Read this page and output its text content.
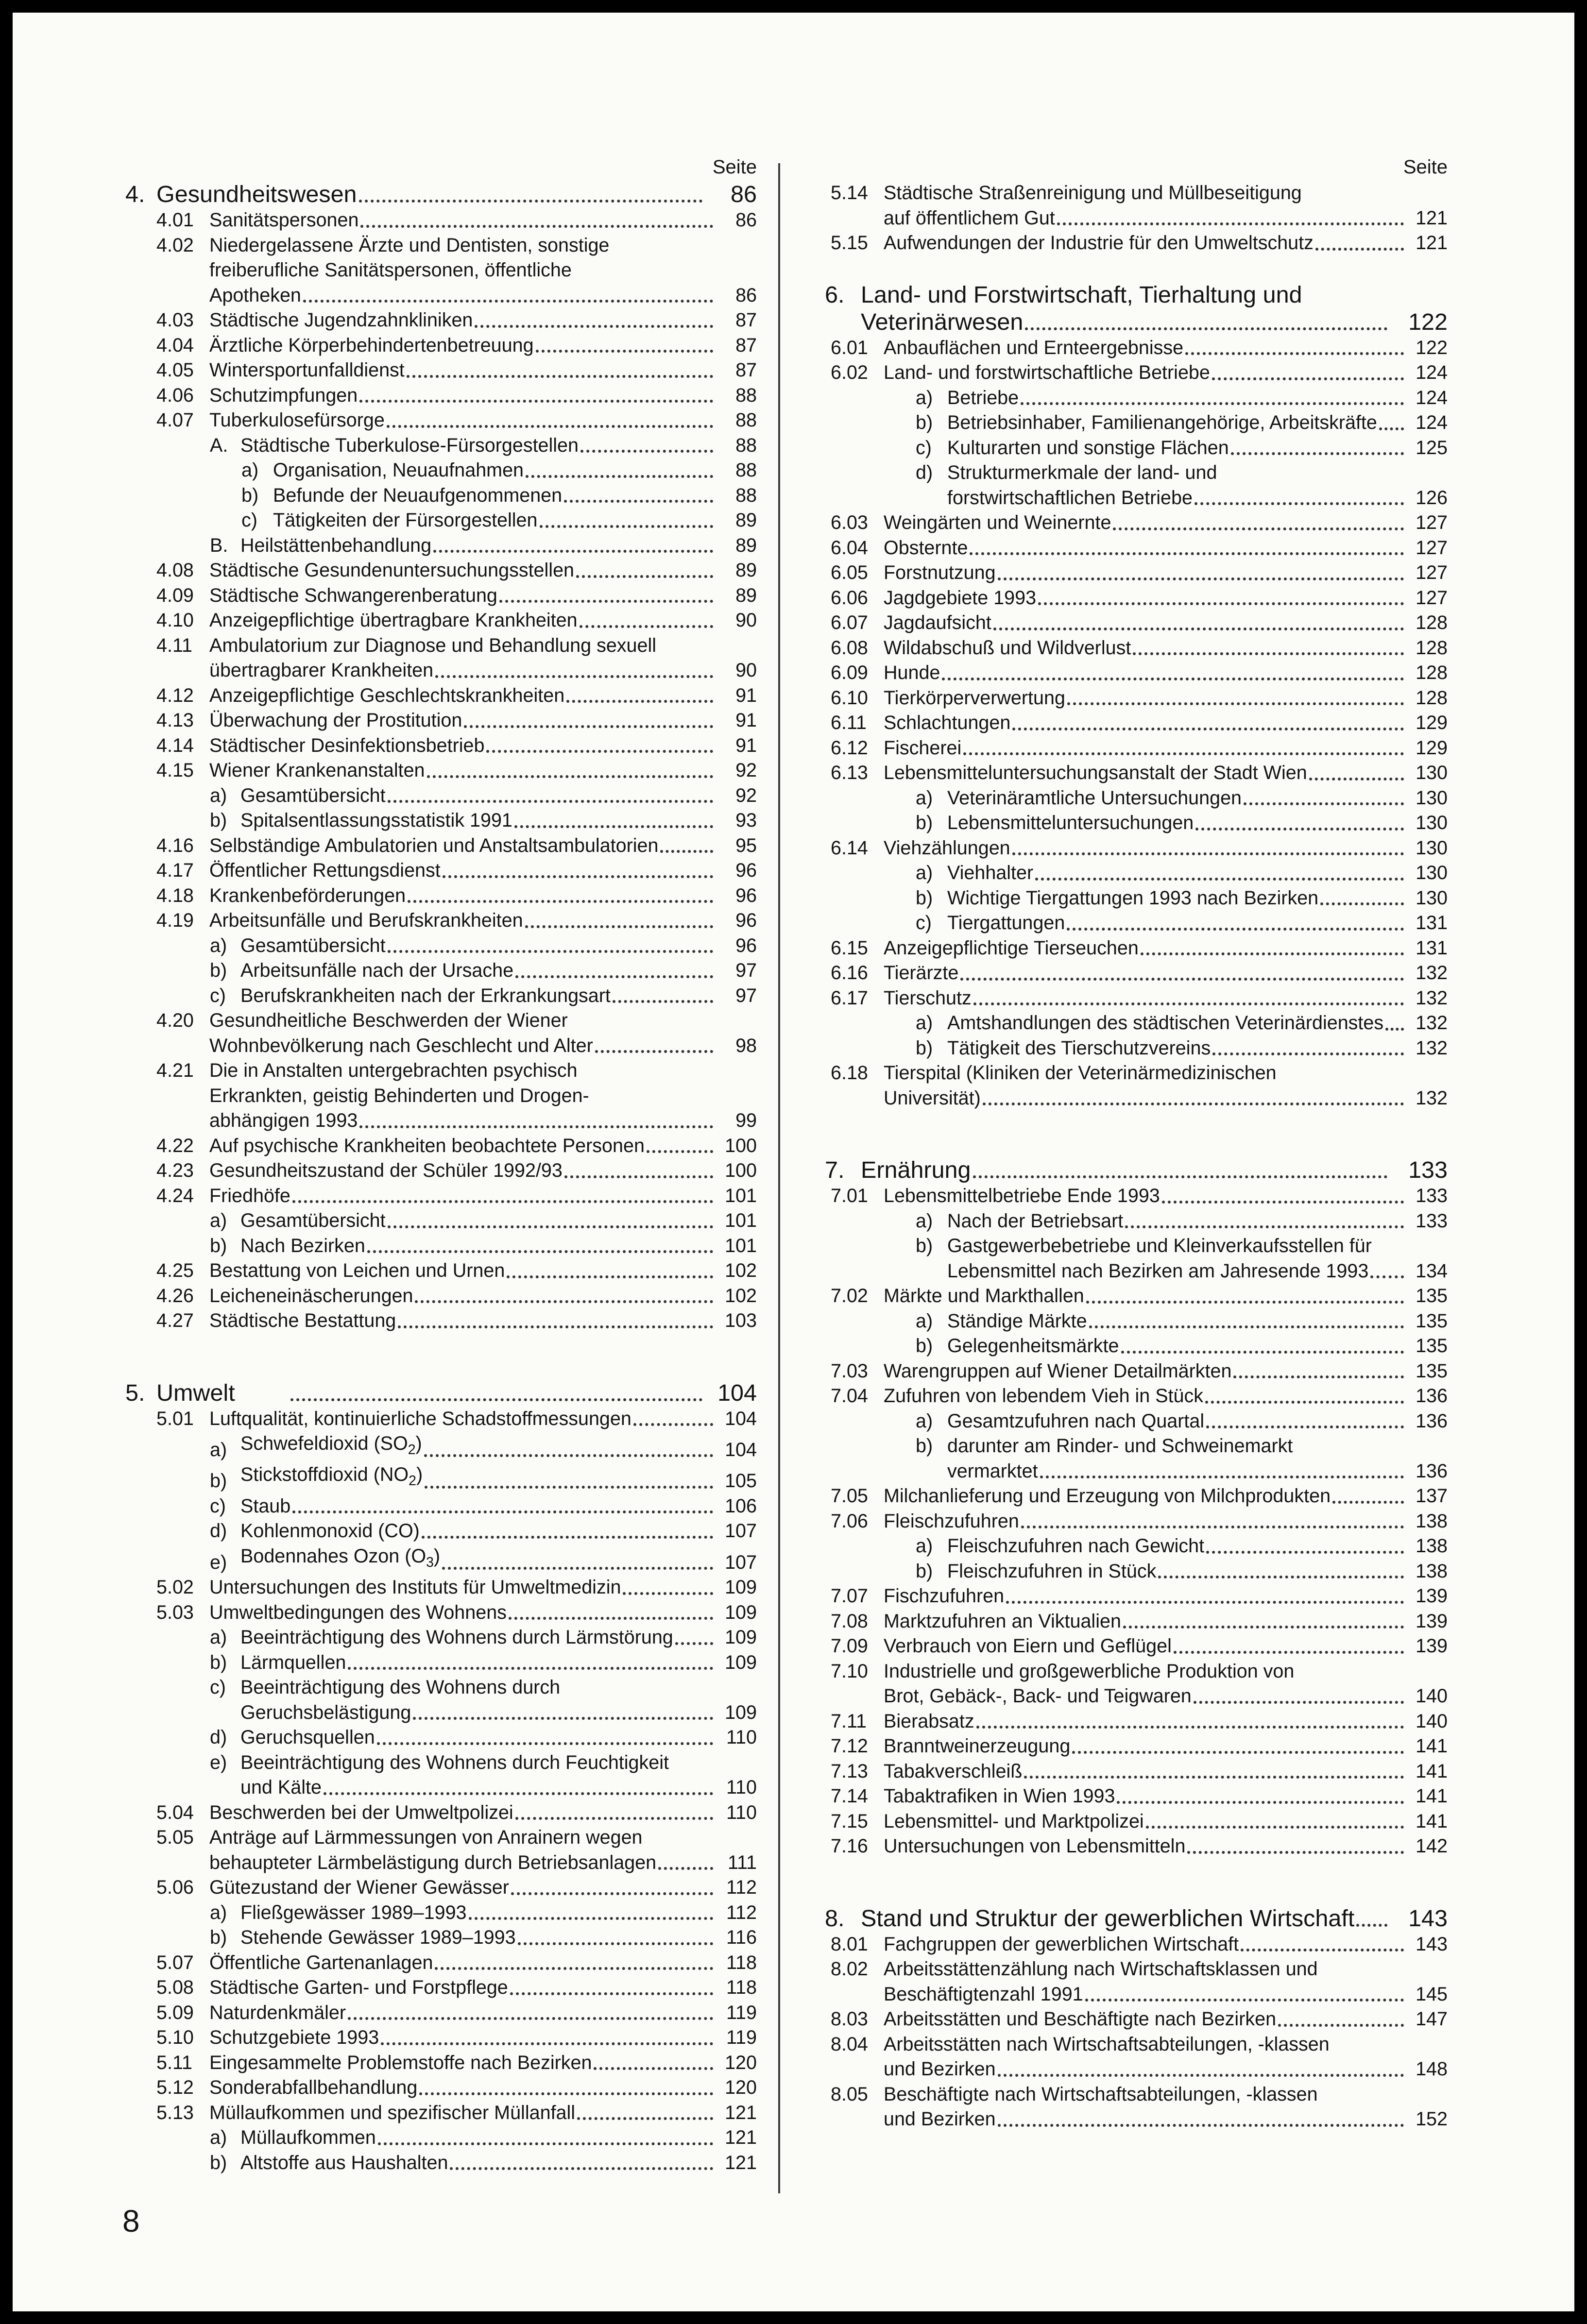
Seite
4. Gesundheitswesen	86
4.01 Sanitätspersonen	86
4.02 Niedergelassene Ärzte und Dentisten, sonstige
freiberufliche Sanitätspersonen, öffentliche
Apotheken	86
4.03 Städtische Jugendzahnkliniken	87
4.04 Ärztliche Körperbehindertenbetreuung	87
4.05 Wintersportunfalldienst	87
4.06 Schutzimpfungen	88
4.07 Tuberkulosefürsorge	88
A. Städtische Tuberkulose-Fürsorgestellen	88
a) Organisation, Neuaufnahmen	88
b) Befunde der Neuaufgenommenen	88
c) Tätigkeiten der Fürsorgestellen	89
B. Heilstättenbehandlung	89
4.08 Städtische Gesundenuntersuchungsstellen	89
4.09 Städtische Schwangerenberatung	89
4.10 Anzeigepflichtige übertragbare Krankheiten	90
4.11 Ambulatorium zur Diagnose und Behandlung sexuell
übertragbarer Krankheiten	90
4.12 Anzeigepflichtige Geschlechtskrankheiten	91
4.13 Überwachung der Prostitution	91
4.14 Städtischer Desinfektionsbetrieb	91
4.15 Wiener Krankenanstalten	92
a) Gesamtübersicht	92
b) Spitalsentlassungsstatistik 1991	93
4.16 Selbständige Ambulatorien und Anstaltsambulatorien	95
4.17 Öffentlicher Rettungsdienst	96
4.18 Krankenbeförderungen	96
4.19 Arbeitsunfälle und Berufskrankheiten	96
a) Gesamtübersicht	96
b) Arbeitsunfälle nach der Ursache	97
c) Berufskrankheiten nach der Erkrankungsart	97
4.20 Gesundheitliche Beschwerden der Wiener
Wohnbevölkerung nach Geschlecht und Alter	98
4.21 Die in Anstalten untergebrachten psychisch
Erkrankten, geistig Behinderten und Drogen-
abhängigen 1993	99
4.22 Auf psychische Krankheiten beobachtete Personen	100
4.23 Gesundheitszustand der Schüler 1992/93	100
4.24 Friedhöfe	101
a) Gesamtübersicht	101
b) Nach Bezirken	101
4.25 Bestattung von Leichen und Urnen	102
4.26 Leicheneinäscherungen	102
4.27 Städtische Bestattung	103
5. Umwelt	104
5.01 Luftqualität, kontinuierliche Schadstoffmessungen	104
a) Schwefeldioxid $(SO_2)$	104
b) Stickstoffdioxid $(NO_2)$	105
c) Staub	106
d) Kohlenmonoxid (CO)	107
e) Bodennahes Ozon $(O_3)$	107
5.02 Untersuchungen des Instituts für Umweltmedizin	109
5.03 Umweltbedingungen des Wohnens	109
a) Beeinträchtigung des Wohnens durch Lärmstörung	109
b) Lärmquellen	109
c) Beeinträchtigung des Wohnens durch
Geruchsbelästigung	109
d) Geruchsquellen	110
e) Beeinträchtigung des Wohnens durch Feuchtigkeit
und Kälte	110
5.04 Beschwerden bei der Umweltpolizei	110
5.05 Anträge auf Lärmmessungen von Anrainern wegen
behaupteter Lärmbelästigung durch Betriebsanlagen	111
5.06 Gütezustand der Wiener Gewässer	112
a) Fließgewässer 1989–1993	112
b) Stehende Gewässer 1989–1993	116
5.07 Öffentliche Gartenanlagen	118
5.08 Städtische Garten- und Forstpflege	118
5.09 Naturdenkmäler	119
5.10 Schutzgebiete 1993	119
5.11 Eingesammelte Problemstoffe nach Bezirken	120
5.12 Sonderabfallbehandlung	120
5.13 Müllaufkommen und spezifischer Müllanfall	121
a) Müllaufkommen	121
b) Altstoffe aus Haushalten	121
Seite
5.14 Städtische Straßenreinigung und Müllbeseitigung
auf öffentlichem Gut	121
5.15 Aufwendungen der Industrie für den Umweltschutz	121
6. Land- und Forstwirtschaft, Tierhaltung und
Veterinärwesen	122
6.01 Anbauflächen und Ernteergebnisse	122
6.02 Land- und forstwirtschaftliche Betriebe	124
a) Betriebe	124
b) Betriebsinhaber, Familienangehörige, Arbeitskräfte	124
c) Kulturarten und sonstige Flächen	125
d) Strukturmerkmale der land- und
forstwirtschaftlichen Betriebe	126
6.03 Weingärten und Weinernte	127
6.04 Obsternte	127
6.05 Forstnutzung	127
6.06 Jagdgebiete 1993	127
6.07 Jagdaufsicht	128
6.08 Wildabschuß und Wildverlust	128
6.09 Hunde	128
6.10 Tierkörperverwertung	128
6.11 Schlachtungen	129
6.12 Fischerei	129
6.13 Lebensmitteluntersuchungsanstalt der Stadt Wien	130
a) Veterinäramtliche Untersuchungen	130
b) Lebensmitteluntersuchungen	130
6.14 Viehzählungen	130
a) Viehhalter	130
b) Wichtige Tiergattungen 1993 nach Bezirken	130
c) Tiergattungen	131
6.15 Anzeigepflichtige Tierseuchen	131
6.16 Tierärzte	132
6.17 Tierschutz	132
a) Amtshandlungen des städtischen Veterinärdienstes	132
b) Tätigkeit des Tierschutzvereins	132
6.18 Tierspital (Kliniken der Veterinärmedizinischen
Universität)	132
7. Ernährung	133
7.01 Lebensmittelbetriebe Ende 1993	133
a) Nach der Betriebsart	133
b) Gastgewerbebetriebe und Kleinverkaufsstellen für
Lebensmittel nach Bezirken am Jahresende 1993	134
7.02 Märkte und Markthallen	135
a) Ständige Märkte	135
b) Gelegenheitsmärkte	135
7.03 Warengruppen auf Wiener Detailmärkten	135
7.04 Zufuhren von lebendem Vieh in Stück	136
a) Gesamtzufuhren nach Quartal	136
b) darunter am Rinder- und Schweinemarkt
vermarktet	136
7.05 Milchanlieferung und Erzeugung von Milchprodukten	137
7.06 Fleischzufuhren	138
a) Fleischzufuhren nach Gewicht	138
b) Fleischzufuhren in Stück	138
7.07 Fischzufuhren	139
7.08 Marktzufuhren an Viktualien	139
7.09 Verbrauch von Eiern und Geflügel	139
7.10 Industrielle und großgewerbliche Produktion von
Brot, Gebäck-, Back- und Teigwaren	140
7.11 Bierabsatz	140
7.12 Branntweinerzeugung	141
7.13 Tabakverschleiß	141
7.14 Tabaktrafiken in Wien 1993	141
7.15 Lebensmittel- und Marktpolizei	141
7.16 Untersuchungen von Lebensmitteln	142
8. Stand und Struktur der gewerblichen Wirtschaft	143
8.01 Fachgruppen der gewerblichen Wirtschaft	143
8.02 Arbeitsstättenzählung nach Wirtschaftsklassen und
Beschäftigtenzahl 1991	145
8.03 Arbeitsstätten und Beschäftigte nach Bezirken	147
8.04 Arbeitsstätten nach Wirtschaftsabteilungen, -klassen
und Bezirken	148
8.05 Beschäftigte nach Wirtschaftsabteilungen, -klassen
und Bezirken	152
8
